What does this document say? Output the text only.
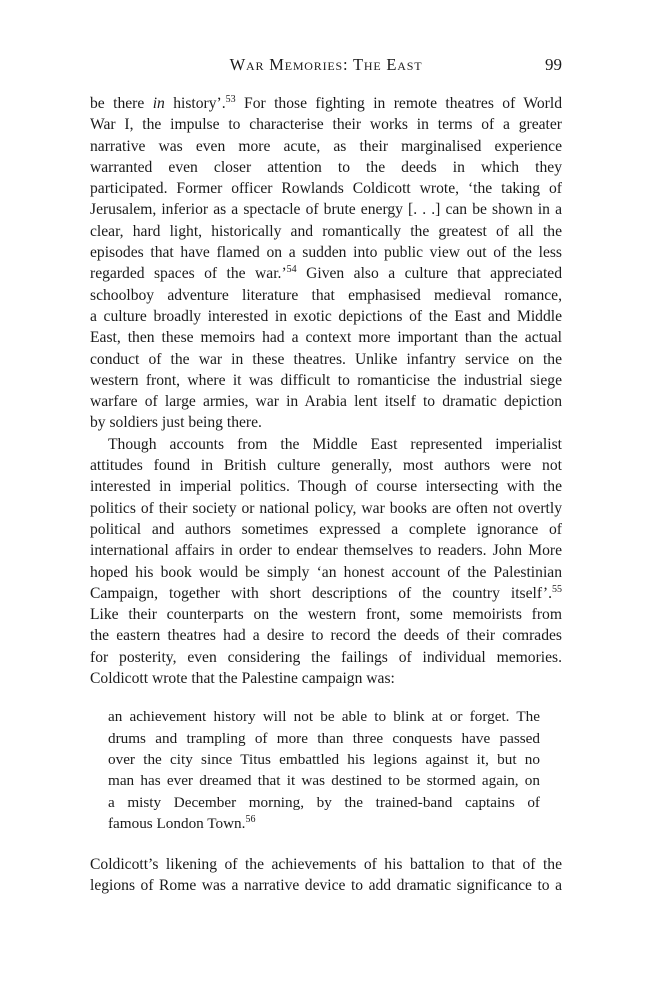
War Memories: The East	99

be there in history’.$^{53}$ For those fighting in remote theatres of World
War I, the impulse to characterise their works in terms of a greater
narrative was even more acute, as their marginalised experience
warranted even closer attention to the deeds in which they
participated. Former officer Rowlands Coldicott wrote, ‘the taking of
Jerusalem, inferior as a spectacle of brute energy [. . .] can be shown in a
clear, hard light, historically and romantically the greatest of all the
episodes that have flamed on a sudden into public view out of the less
regarded spaces of the war.’$^{54}$ Given also a culture that appreciated
schoolboy adventure literature that emphasised medieval romance,
a culture broadly interested in exotic depictions of the East and Middle
East, then these memoirs had a context more important than the actual
conduct of the war in these theatres. Unlike infantry service on the
western front, where it was difficult to romanticise the industrial siege
warfare of large armies, war in Arabia lent itself to dramatic depiction
by soldiers just being there.

Though accounts from the Middle East represented imperialist
attitudes found in British culture generally, most authors were not
interested in imperial politics. Though of course intersecting with the
politics of their society or national policy, war books are often not overtly
political and authors sometimes expressed a complete ignorance of
international affairs in order to endear themselves to readers. John More
hoped his book would be simply ‘an honest account of the Palestinian
Campaign, together with short descriptions of the country itself’.$^{55}$
Like their counterparts on the western front, some memoirists from
the eastern theatres had a desire to record the deeds of their comrades
for posterity, even considering the failings of individual memories.
Coldicott wrote that the Palestine campaign was:

an achievement history will not be able to blink at or forget. The
drums and trampling of more than three conquests have passed
over the city since Titus embattled his legions against it, but no
man has ever dreamed that it was destined to be stormed again, on
a misty December morning, by the trained-band captains of
famous London Town.$^{56}$

Coldicott’s likening of the achievements of his battalion to that of the
legions of Rome was a narrative device to add dramatic significance to a
